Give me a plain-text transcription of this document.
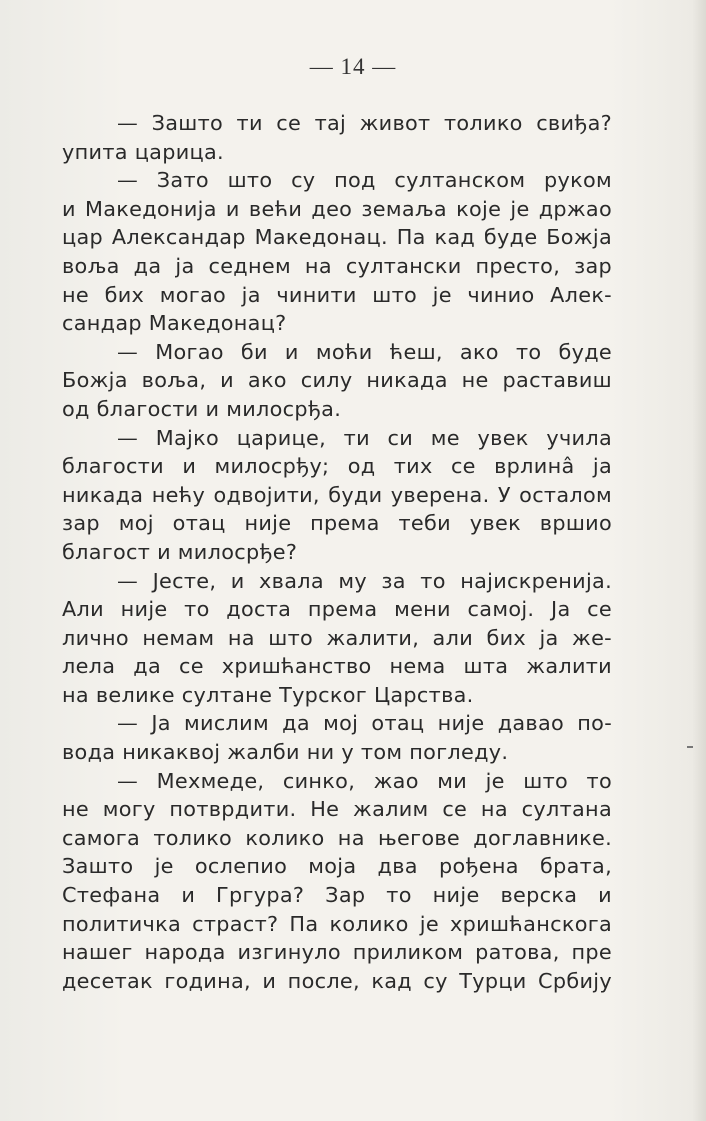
— 14 —
— Зашто ти се тај живот толико свиђа?
упита царица.
— Зато што су под султанском руком
и Македонија и већи део земаља које је држао
цар Александар Македонац. Па кад буде Божја
воља да ја седнем на султански престо, зар
не бих могао ја чинити што је чинио Алек-
сандар Македонац?
— Могао би и моћи ћеш, ако то буде
Божја воља, и ако силу никада не раставиш
од благости и милосрђа.
— Мајко царице, ти си ме увек учила
благости и милосрђу; од тих се врлинâ ја
никада нећу одвојити, буди уверена. У осталом
зар мој отац није према теби увек вршио
благост и милосрђе?
— Јесте, и хвала му за то најискренија.
Али није то доста према мени самој. Ја се
лично немам на што жалити, али бих ја же-
лела да се хришћанство нема шта жалити
на велике султане Турског Царства.
— Ја мислим да мој отац није давао по-
вода никаквој жалби ни у том погледу.
— Мехмеде, синко, жао ми је што то
не могу потврдити. Не жалим се на султана
самога толико колико на његове доглавнике.
Зашто је ослепио моја два рођена брата,
Стефана и Гргура? Зар то није верска и
политичка страст? Па колико је хришћанскога
нашег народа изгинуло приликом ратова, пре
десетак година, и после, кад су Турци Србију
